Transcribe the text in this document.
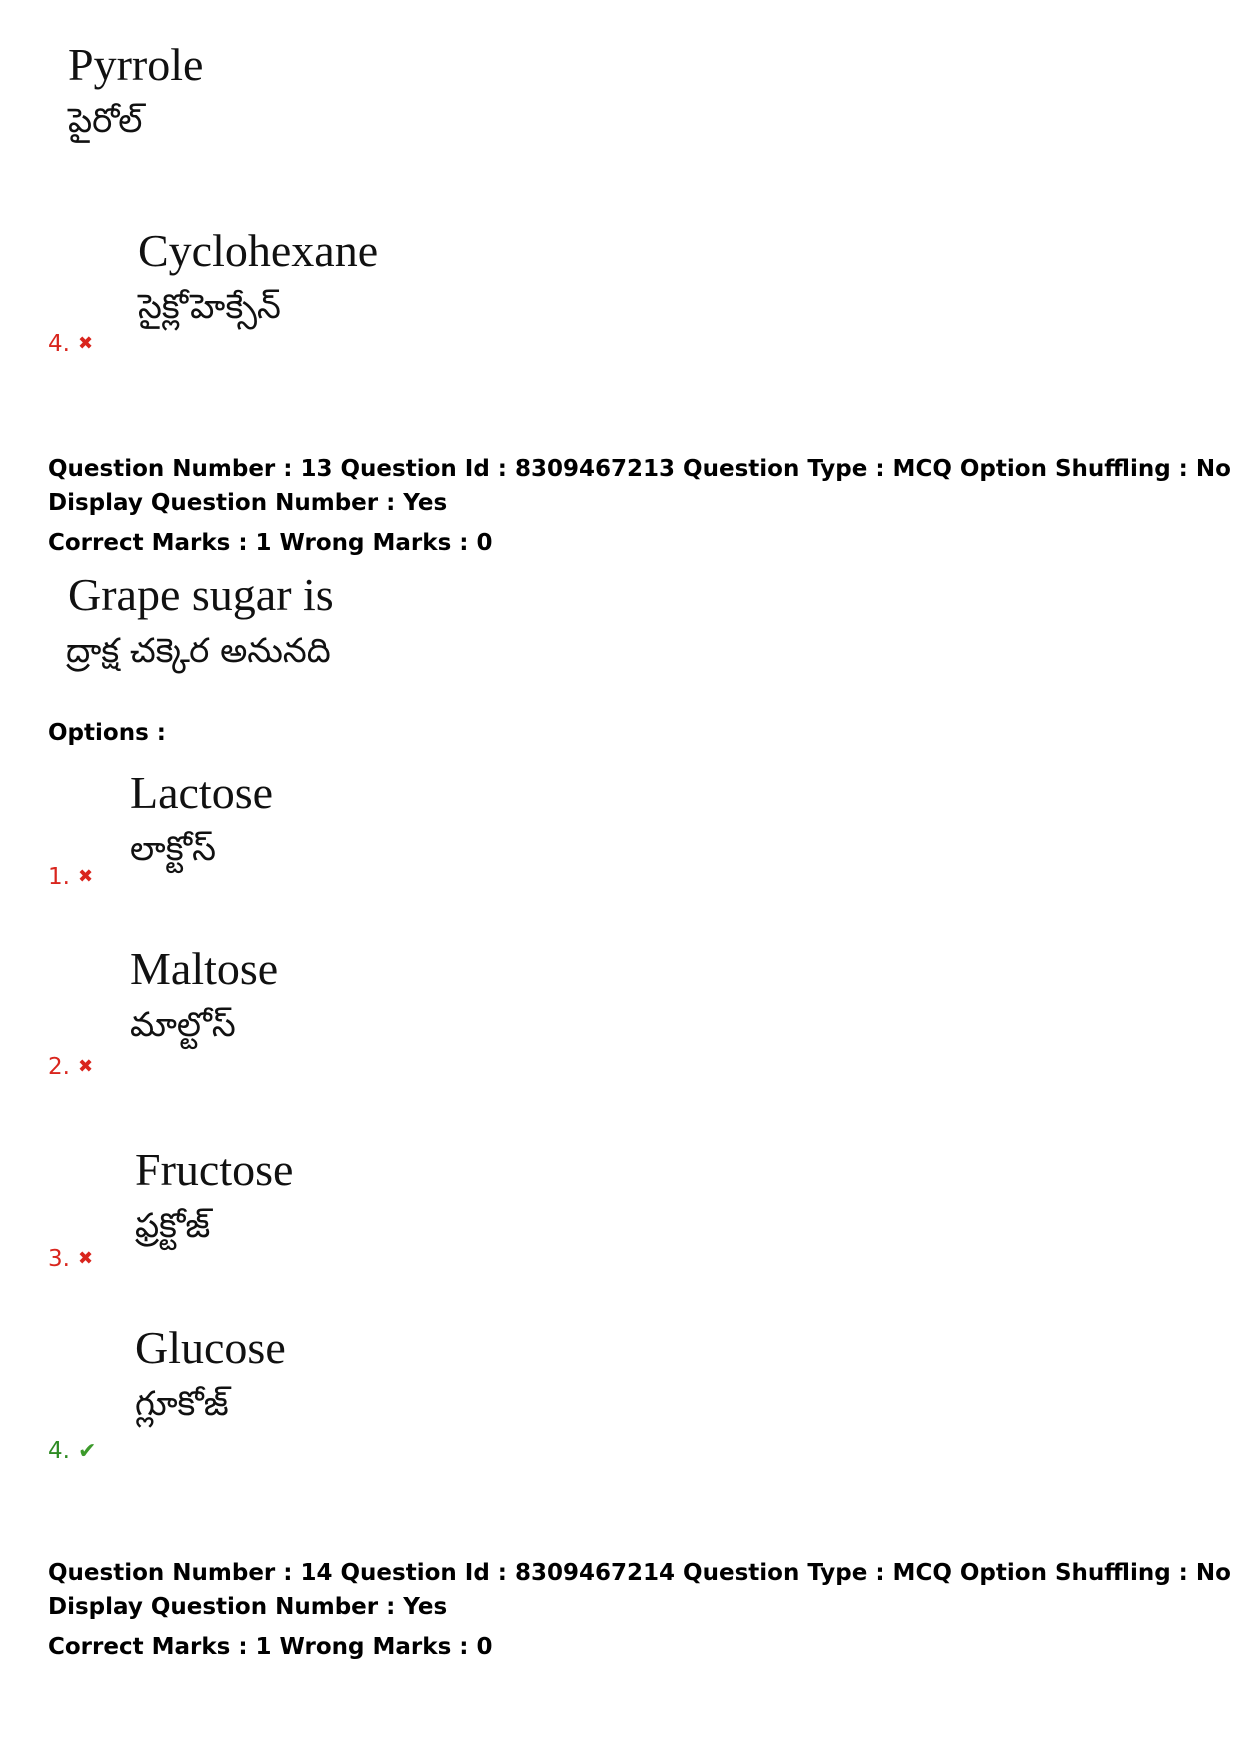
Pyrrole
పైరోల్
Cyclohexane
సైక్లోహెక్సేన్
4. ✖
Question Number : 13 Question Id : 8309467213 Question Type : MCQ Option Shuffling : No
Display Question Number : Yes
Correct Marks : 1 Wrong Marks : 0
Grape sugar is
ద్రాక్ష చక్కెర అనునది
Options :
Lactose
లాక్టోస్
1. ✖
Maltose
మాల్టోస్
2. ✖
Fructose
ఫ్రక్టోజ్
3. ✖
Glucose
గ్లూకోజ్
4. ✔
Question Number : 14 Question Id : 8309467214 Question Type : MCQ Option Shuffling : No
Display Question Number : Yes
Correct Marks : 1 Wrong Marks : 0
